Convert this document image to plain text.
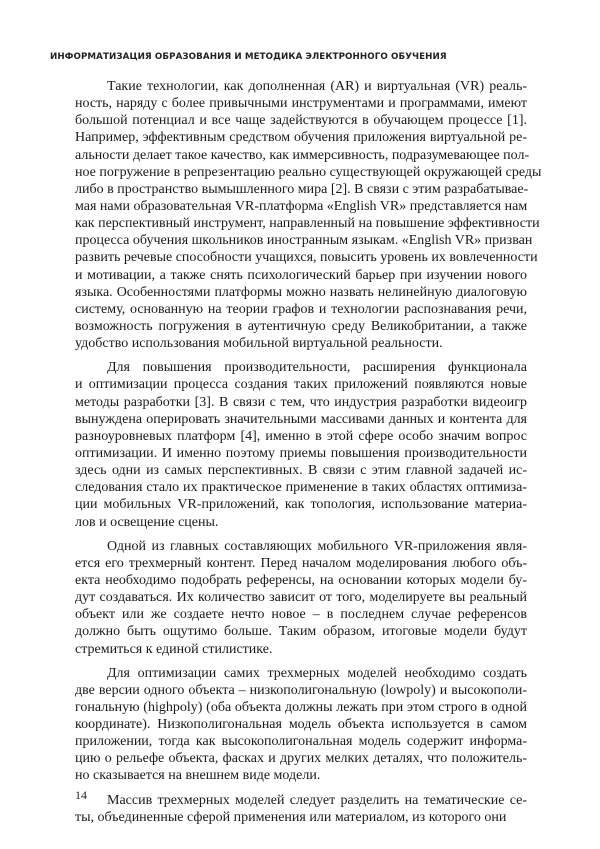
ИНФОРМАТИЗАЦИЯ ОБРАЗОВАНИЯ И МЕТОДИКА ЭЛЕКТРОННОГО ОБУЧЕНИЯ
Такие технологии, как дополненная (AR) и виртуальная (VR) реаль-
ность, наряду с более привычными инструментами и программами, имеют
большой потенциал и все чаще задействуются в обучающем процессе [1].
Например, эффективным средством обучения приложения виртуальной ре-
альности делает такое качество, как иммерсивность, подразумевающее пол-
ное погружение в репрезентацию реально существующей окружающей среды
либо в пространство вымышленного мира [2]. В связи с этим разрабатывае-
мая нами образовательная VR-платформа «English VR» представляется нам
как перспективный инструмент, направленный на повышение эффективности
процесса обучения школьников иностранным языкам. «English VR» призван
развить речевые способности учащихся, повысить уровень их вовлеченности
и мотивации, а также снять психологический барьер при изучении нового
языка. Особенностями платформы можно назвать нелинейную диалоговую
систему, основанную на теории графов и технологии распознавания речи,
возможность погружения в аутентичную среду Великобритании, а также
удобство использования мобильной виртуальной реальности.
Для повышения производительности, расширения функционала
и оптимизации процесса создания таких приложений появляются новые
методы разработки [3]. В связи с тем, что индустрия разработки видеоигр
вынуждена оперировать значительными массивами данных и контента для
разноуровневых платформ [4], именно в этой сфере особо значим вопрос
оптимизации. И именно поэтому приемы повышения производительности
здесь одни из самых перспективных. В связи с этим главной задачей ис-
следования стало их практическое применение в таких областях оптимиза-
ции мобильных VR-приложений, как топология, использование материа-
лов и освещение сцены.
Одной из главных составляющих мобильного VR-приложения явля-
ется его трехмерный контент. Перед началом моделирования любого объ-
екта необходимо подобрать референсы, на основании которых модели бу-
дут создаваться. Их количество зависит от того, моделируете вы реальный
объект или же создаете нечто новое – в последнем случае референсов
должно быть ощутимо больше. Таким образом, итоговые модели будут
стремиться к единой стилистике.
Для оптимизации самих трехмерных моделей необходимо создать
две версии одного объекта – низкополигональную (lowpoly) и высокополи-
гональную (highpoly) (оба объекта должны лежать при этом строго в одной
координате). Низкополигональная модель объекта используется в самом
приложении, тогда как высокополигональная модель содержит информа-
цию о рельефе объекта, фасках и других мелких деталях, что положитель-
но сказывается на внешнем виде модели.
Массив трехмерных моделей следует разделить на тематические се-
ты, объединенные сферой применения или материалом, из которого они
14
